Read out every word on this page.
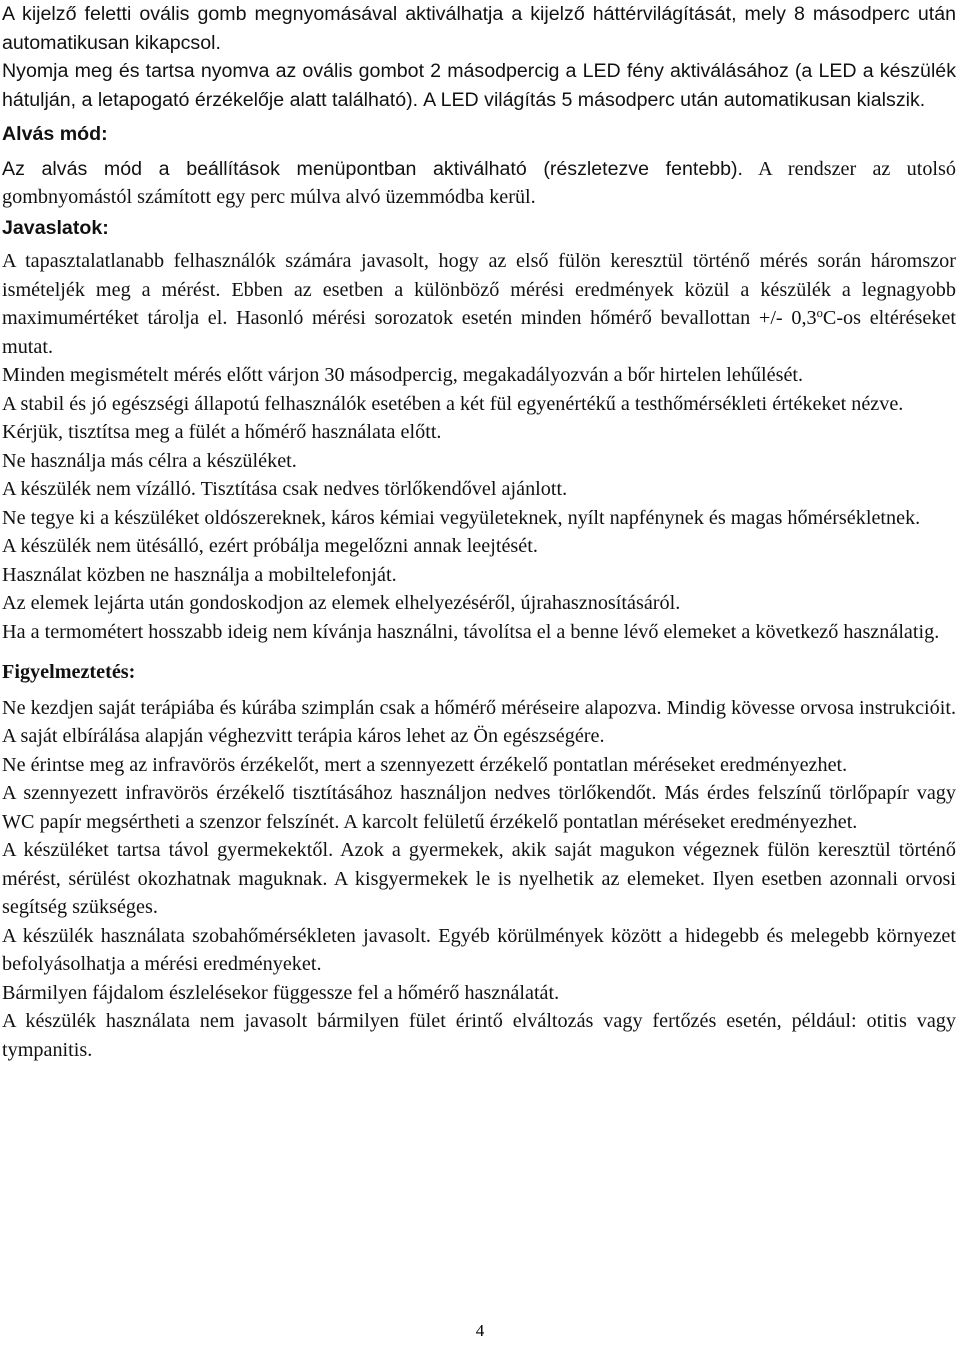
A kijelző feletti ovális gomb megnyomásával aktiválhatja a kijelző háttérvilágítását, mely 8 másodperc után automatikusan kikapcsol.

Nyomja meg és tartsa nyomva az ovális gombot 2 másodpercig a LED fény aktiválásához (a LED a készülék hátulján, a letapogató érzékelője alatt található). A LED világítás 5 másodperc után automatikusan kialszik.

Alvás mód:

Az alvás mód a beállítások menüpontban aktiválható (részletezve fentebb). A rendszer az utolsó gombnyomástól számított egy perc múlva alvó üzemmódba kerül.

Javaslatok:

A tapasztalatlanabb felhasználók számára javasolt, hogy az első fülön keresztül történő mérés során háromszor ismételjék meg a mérést. Ebben az esetben a különböző mérési eredmények közül a készülék a legnagyobb maximumértéket tárolja el. Hasonló mérési sorozatok esetén minden hőmérő bevallottan +/- 0,3$^o$C-os eltéréseket mutat.

Minden megismételt mérés előtt várjon 30 másodpercig, megakadályozván a bőr hirtelen lehűlését.

A stabil és jó egészségi állapotú felhasználók esetében a két fül egyenértékű a testhőmérsékleti értékeket nézve.

Kérjük, tisztítsa meg a fülét a hőmérő használata előtt.

Ne használja más célra a készüléket.

A készülék nem vízálló. Tisztítása csak nedves törlőkendővel ajánlott.

Ne tegye ki a készüléket oldószereknek, káros kémiai vegyületeknek, nyílt napfénynek és magas hőmérsékletnek.

A készülék nem ütésálló, ezért próbálja megelőzni annak leejtését.

Használat közben ne használja a mobiltelefonját.

Az elemek lejárta után gondoskodjon az elemek elhelyezéséről, újrahasznosításáról.

Ha a termométert hosszabb ideig nem kívánja használni, távolítsa el a benne lévő elemeket a következő használatig.

Figyelmeztetés:

Ne kezdjen saját terápiába és kúrába szimplán csak a hőmérő méréseire alapozva. Mindig kövesse orvosa instrukcióit. A saját elbírálása alapján véghezvitt terápia káros lehet az Ön egészségére.

Ne érintse meg az infravörös érzékelőt, mert a szennyezett érzékelő pontatlan méréseket eredményezhet.

A szennyezett infravörös érzékelő tisztításához használjon nedves törlőkendőt. Más érdes felszínű törlőpapír vagy WC papír megsértheti a szenzor felszínét. A karcolt felületű érzékelő pontatlan méréseket eredményezhet.

A készüléket tartsa távol gyermekektől. Azok a gyermekek, akik saját magukon végeznek fülön keresztül történő mérést, sérülést okozhatnak maguknak. A kisgyermekek le is nyelhetik az elemeket. Ilyen esetben azonnali orvosi segítség szükséges.

A készülék használata szobahőmérsékleten javasolt. Egyéb körülmények között a hidegebb és melegebb környezet befolyásolhatja a mérési eredményeket.

Bármilyen fájdalom észlelésekor függessze fel a hőmérő használatát.

A készülék használata nem javasolt bármilyen fület érintő elváltozás vagy fertőzés esetén, például: otitis vagy tympanitis.

4
